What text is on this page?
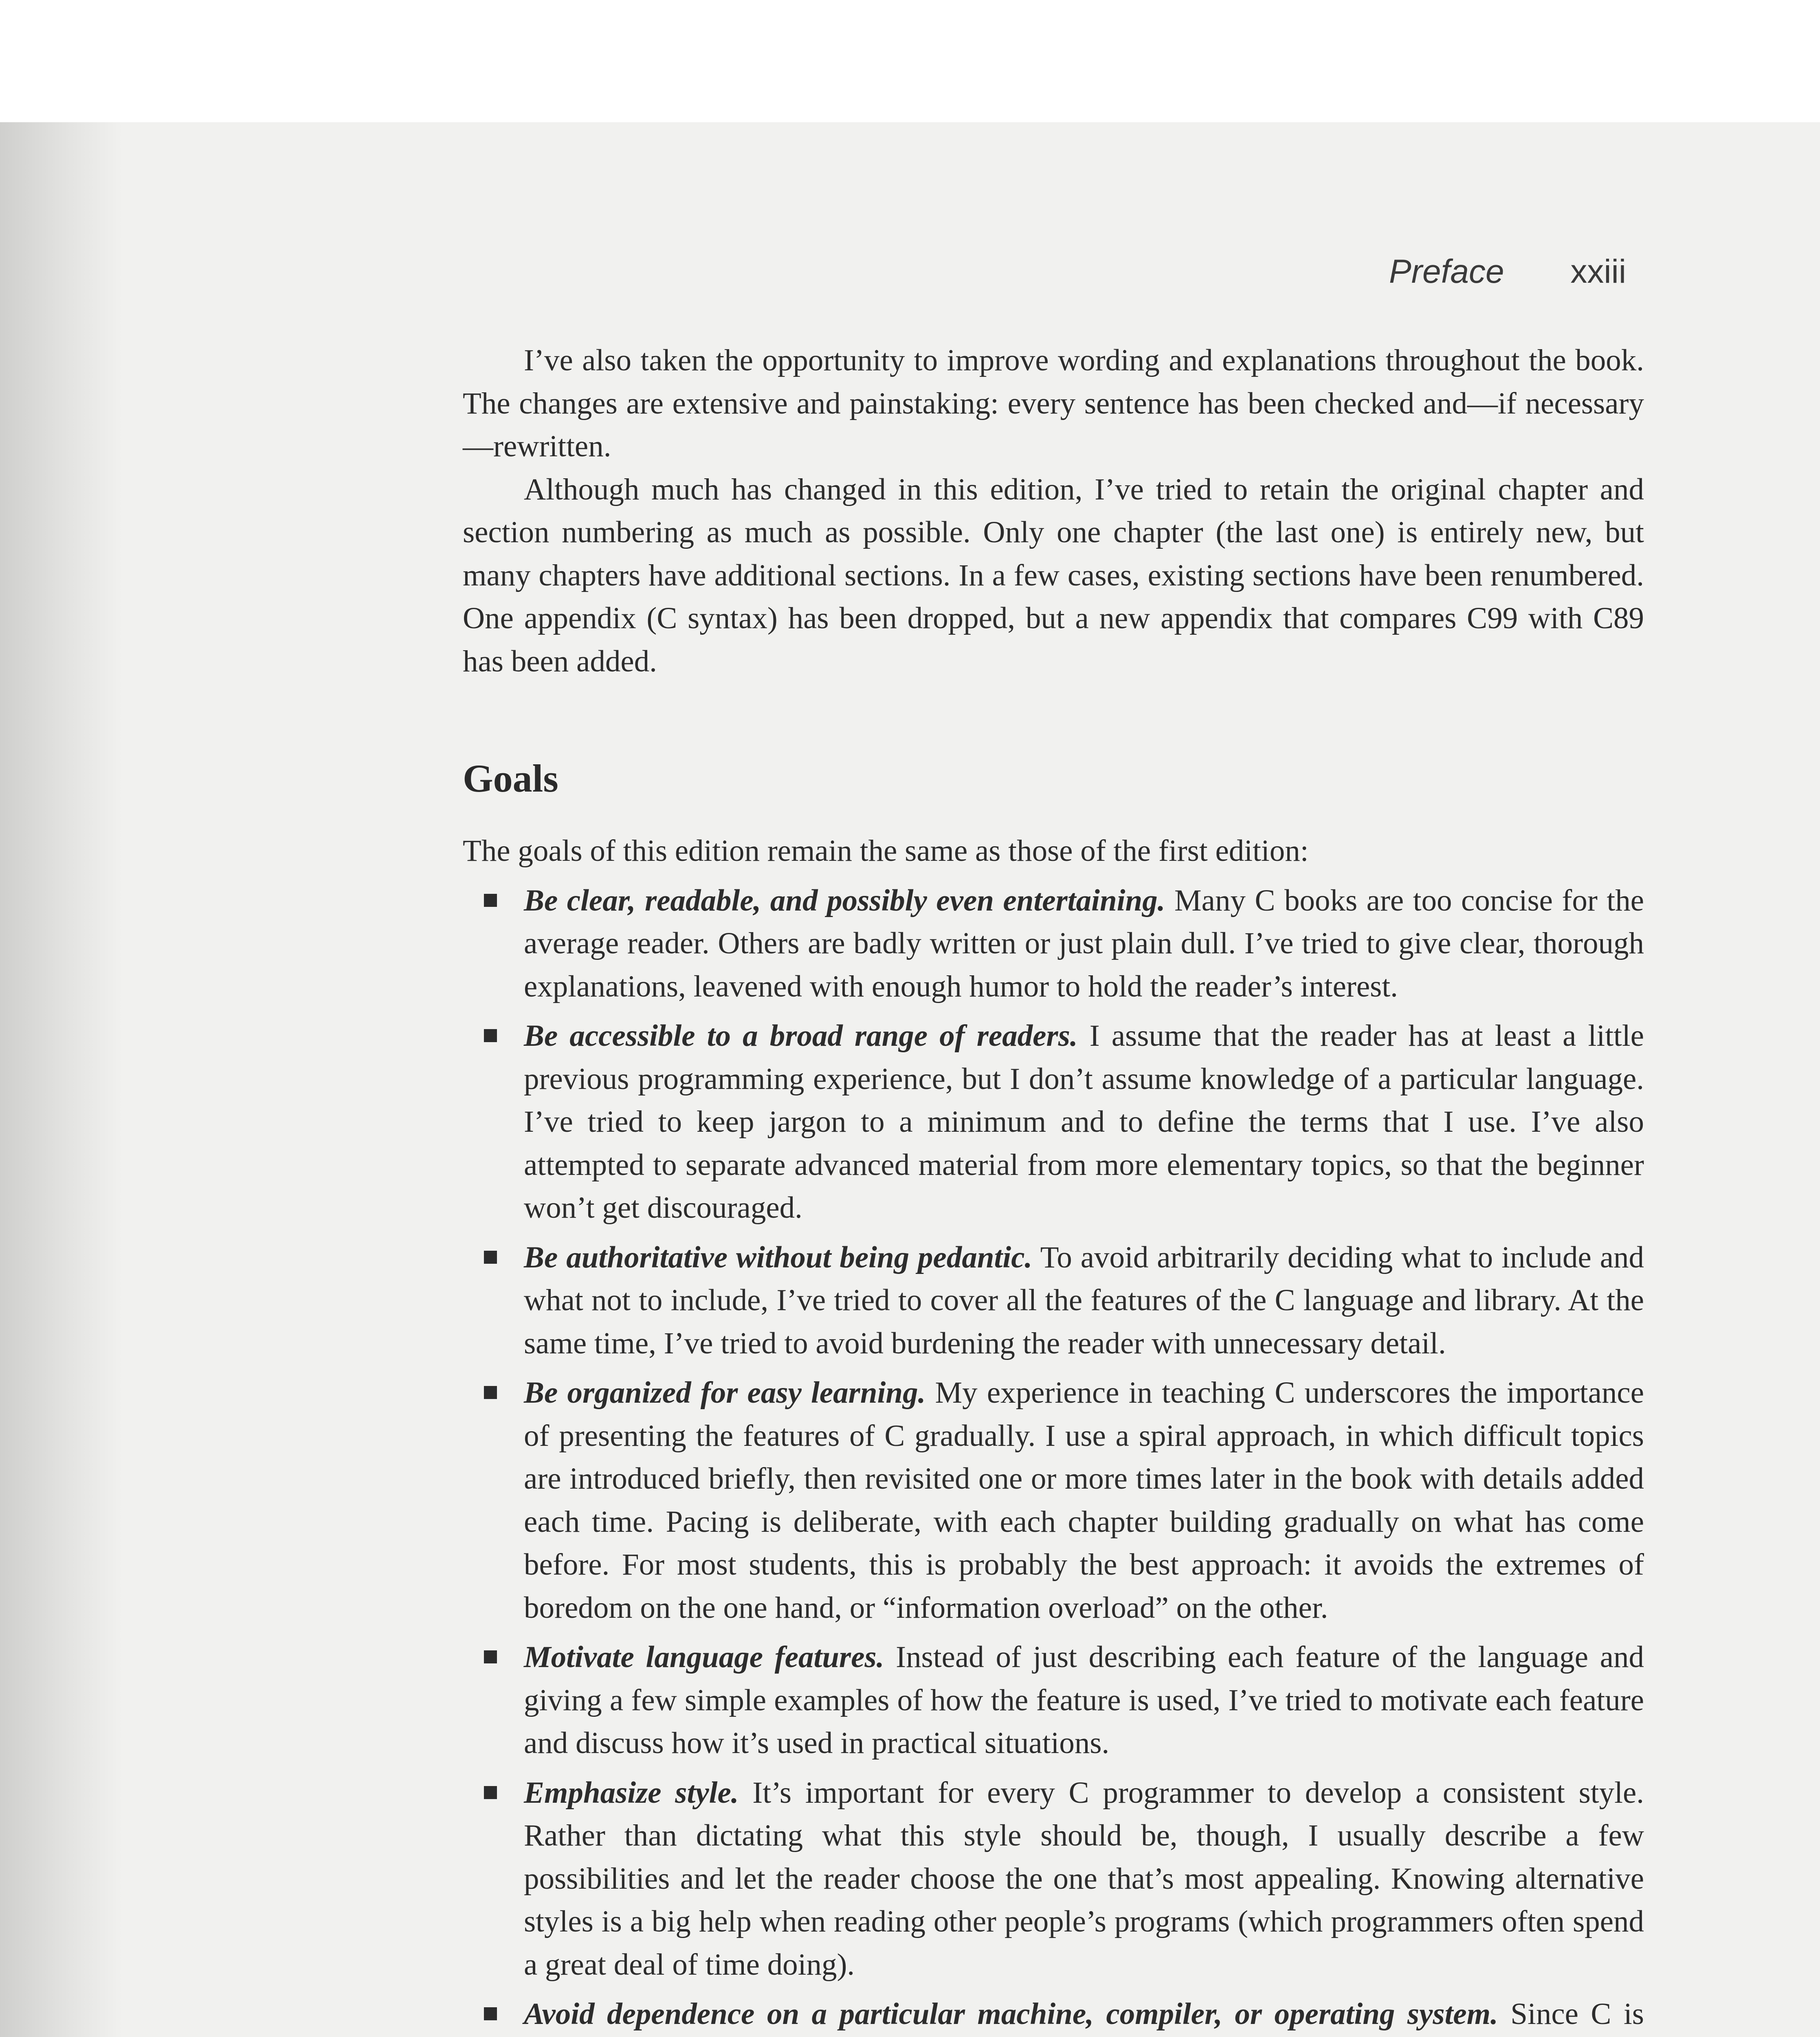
Preface xxiii

I’ve also taken the opportunity to improve wording and explanations throughout the book. The changes are extensive and painstaking: every sentence has been checked and—if necessary—rewritten.

Although much has changed in this edition, I’ve tried to retain the original chapter and section numbering as much as possible. Only one chapter (the last one) is entirely new, but many chapters have additional sections. In a few cases, existing sections have been renumbered. One appendix (C syntax) has been dropped, but a new appendix that compares C99 with C89 has been added.

Goals

The goals of this edition remain the same as those of the first edition:

Be clear, readable, and possibly even entertaining. Many C books are too concise for the average reader. Others are badly written or just plain dull. I’ve tried to give clear, thorough explanations, leavened with enough humor to hold the reader’s interest.
Be accessible to a broad range of readers. I assume that the reader has at least a little previous programming experience, but I don’t assume knowledge of a particular language. I’ve tried to keep jargon to a minimum and to define the terms that I use. I’ve also attempted to separate advanced material from more elementary topics, so that the beginner won’t get discouraged.
Be authoritative without being pedantic. To avoid arbitrarily deciding what to include and what not to include, I’ve tried to cover all the features of the C language and library. At the same time, I’ve tried to avoid burdening the reader with unnecessary detail.
Be organized for easy learning. My experience in teaching C underscores the importance of presenting the features of C gradually. I use a spiral approach, in which difficult topics are introduced briefly, then revisited one or more times later in the book with details added each time. Pacing is deliberate, with each chapter building gradually on what has come before. For most students, this is probably the best approach: it avoids the extremes of boredom on the one hand, or “information overload” on the other.
Motivate language features. Instead of just describing each feature of the language and giving a few simple examples of how the feature is used, I’ve tried to motivate each feature and discuss how it’s used in practical situations.
Emphasize style. It’s important for every C programmer to develop a consistent style. Rather than dictating what this style should be, though, I usually describe a few possibilities and let the reader choose the one that’s most appealing. Knowing alternative styles is a big help when reading other people’s programs (which programmers often spend a great deal of time doing).
Avoid dependence on a particular machine, compiler, or operating system. Since C is
